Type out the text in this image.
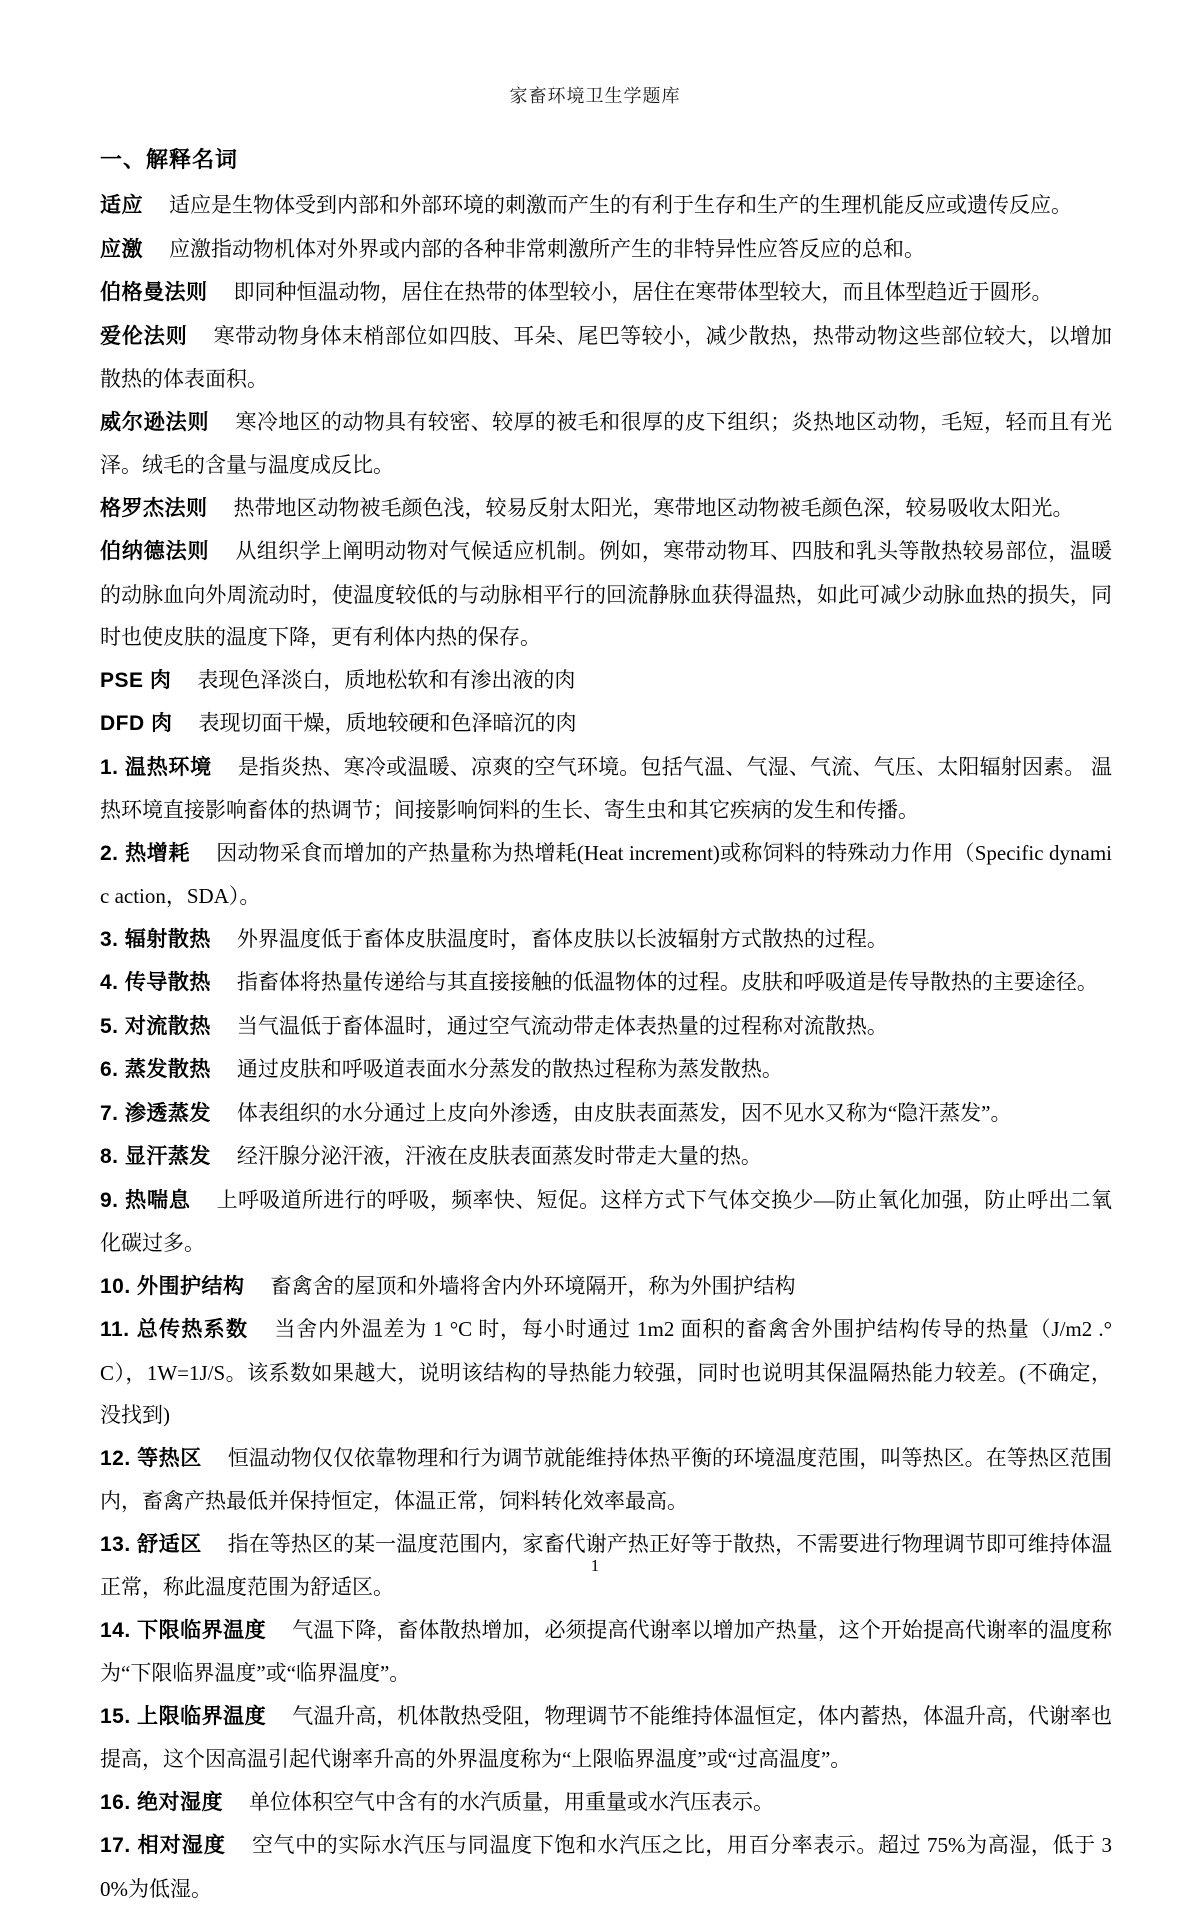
家畜环境卫生学题库
一、解释名词

适应 适应是生物体受到内部和外部环境的刺激而产生的有利于生存和生产的生理机能反应或遗传反应。

应激 应激指动物机体对外界或内部的各种非常刺激所产生的非特异性应答反应的总和。

伯格曼法则 即同种恒温动物，居住在热带的体型较小，居住在寒带体型较大，而且体型趋近于圆形。

爱伦法则 寒带动物身体末梢部位如四肢、耳朵、尾巴等较小，减少散热，热带动物这些部位较大，以增加散热的体表面积。

威尔逊法则 寒冷地区的动物具有较密、较厚的被毛和很厚的皮下组织；炎热地区动物，毛短，轻而且有光泽。绒毛的含量与温度成反比。

格罗杰法则 热带地区动物被毛颜色浅，较易反射太阳光，寒带地区动物被毛颜色深，较易吸收太阳光。

伯纳德法则 从组织学上阐明动物对气候适应机制。例如，寒带动物耳、四肢和乳头等散热较易部位，温暖的动脉血向外周流动时，使温度较低的与动脉相平行的回流静脉血获得温热，如此可减少动脉血热的损失，同时也使皮肤的温度下降，更有利体内热的保存。

PSE 肉 表现色泽淡白，质地松软和有渗出液的肉

DFD 肉 表现切面干燥，质地较硬和色泽暗沉的肉

1. 温热环境 是指炎热、寒冷或温暖、凉爽的空气环境。包括气温、气湿、气流、气压、太阳辐射因素。 温热环境直接影响畜体的热调节；间接影响饲料的生长、寄生虫和其它疾病的发生和传播。

2. 热增耗 因动物采食而增加的产热量称为热增耗(Heat increment)或称饲料的特殊动力作用（Specific dynamic action，SDA）。

3. 辐射散热 外界温度低于畜体皮肤温度时，畜体皮肤以长波辐射方式散热的过程。

4. 传导散热 指畜体将热量传递给与其直接接触的低温物体的过程。皮肤和呼吸道是传导散热的主要途径。

5. 对流散热 当气温低于畜体温时，通过空气流动带走体表热量的过程称对流散热。

6. 蒸发散热 通过皮肤和呼吸道表面水分蒸发的散热过程称为蒸发散热。

7. 渗透蒸发 体表组织的水分通过上皮向外渗透，由皮肤表面蒸发，因不见水又称为“隐汗蒸发”。

8. 显汗蒸发 经汗腺分泌汗液，汗液在皮肤表面蒸发时带走大量的热。

9. 热喘息 上呼吸道所进行的呼吸，频率快、短促。这样方式下气体交换少—防止氧化加强，防止呼出二氧化碳过多。

10. 外围护结构 畜禽舍的屋顶和外墙将舍内外环境隔开，称为外围护结构

11. 总传热系数 当舍内外温差为 1 °C 时，每小时通过 1m2 面积的畜禽舍外围护结构传导的热量（J/m2 .°C），1W=1J/S。该系数如果越大，说明该结构的导热能力较强，同时也说明其保温隔热能力较差。(不确定，没找到)

12. 等热区 恒温动物仅仅依靠物理和行为调节就能维持体热平衡的环境温度范围，叫等热区。在等热区范围内，畜禽产热最低并保持恒定，体温正常，饲料转化效率最高。

13. 舒适区 指在等热区的某一温度范围内，家畜代谢产热正好等于散热，不需要进行物理调节即可维持体温正常，称此温度范围为舒适区。

14. 下限临界温度 气温下降，畜体散热增加，必须提高代谢率以增加产热量，这个开始提高代谢率的温度称为“下限临界温度”或“临界温度”。

15. 上限临界温度 气温升高，机体散热受阻，物理调节不能维持体温恒定，体内蓄热，体温升高，代谢率也提高，这个因高温引起代谢率升高的外界温度称为“上限临界温度”或“过高温度”。

16. 绝对湿度 单位体积空气中含有的水汽质量，用重量或水汽压表示。

17. 相对湿度 空气中的实际水汽压与同温度下饱和水汽压之比，用百分率表示。超过 75%为高湿，低于 30%为低湿。

1
